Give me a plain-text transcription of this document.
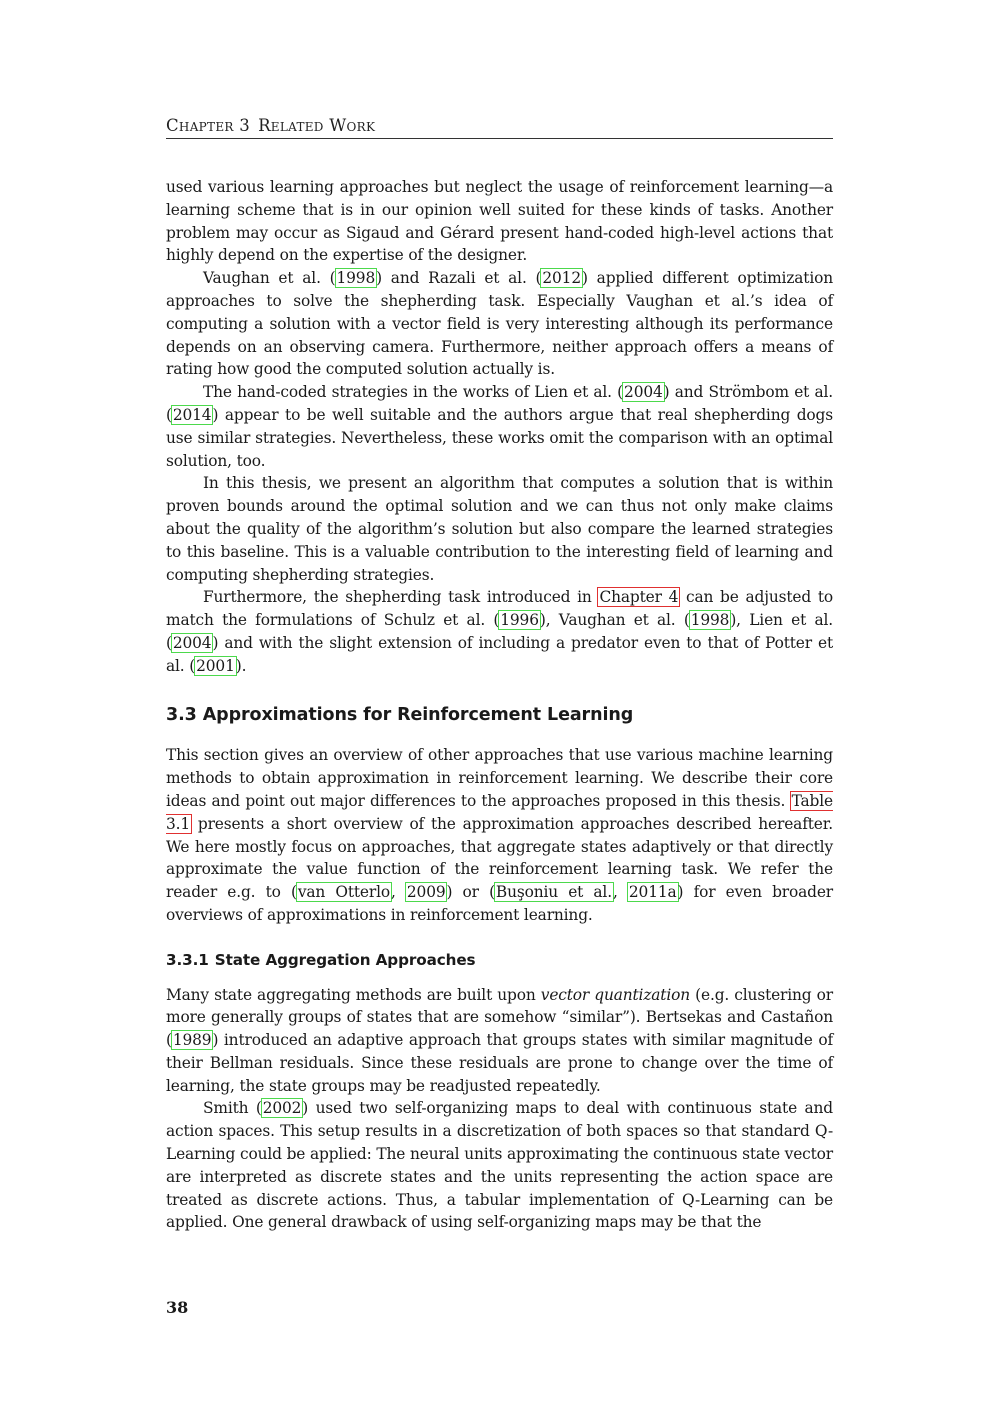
Chapter 3 Related Work

used various learning approaches but neglect the usage of reinforcement learning—a learning scheme that is in our opinion well suited for these kinds of tasks. Another problem may occur as Sigaud and Gérard present hand-coded high-level actions that highly depend on the expertise of the designer.

Vaughan et al. (1998) and Razali et al. (2012) applied different optimization approaches to solve the shepherding task. Especially Vaughan et al.’s idea of computing a solution with a vector field is very interesting although its performance depends on an observing camera. Furthermore, neither approach offers a means of rating how good the computed solution actually is.

The hand-coded strategies in the works of Lien et al. (2004) and Strömbom et al. (2014) appear to be well suitable and the authors argue that real shepherding dogs use similar strategies. Nevertheless, these works omit the comparison with an optimal solution, too.

In this thesis, we present an algorithm that computes a solution that is within proven bounds around the optimal solution and we can thus not only make claims about the quality of the algorithm’s solution but also compare the learned strategies to this baseline. This is a valuable contribution to the interesting field of learning and computing shepherding strategies.

Furthermore, the shepherding task introduced in Chapter 4 can be adjusted to match the formulations of Schulz et al. (1996), Vaughan et al. (1998), Lien et al. (2004) and with the slight extension of including a predator even to that of Potter et al. (2001).

3.3 Approximations for Reinforcement Learning

This section gives an overview of other approaches that use various machine learning methods to obtain approximation in reinforcement learning. We describe their core ideas and point out major differences to the approaches proposed in this thesis. Table 3.1 presents a short overview of the approximation approaches described hereafter. We here mostly focus on approaches, that aggregate states adaptively or that directly approximate the value function of the reinforcement learning task. We refer the reader e.g. to (van Otterlo, 2009) or (Buşoniu et al., 2011a) for even broader overviews of approximations in reinforcement learning.

3.3.1 State Aggregation Approaches

Many state aggregating methods are built upon vector quantization (e.g. clustering or more generally groups of states that are somehow “similar”). Bertsekas and Castañon (1989) introduced an adaptive approach that groups states with similar magnitude of their Bellman residuals. Since these residuals are prone to change over the time of learning, the state groups may be readjusted repeatedly.

Smith (2002) used two self-organizing maps to deal with continuous state and action spaces. This setup results in a discretization of both spaces so that standard Q-Learning could be applied: The neural units approximating the continuous state vector are interpreted as discrete states and the units representing the action space are treated as discrete actions. Thus, a tabular implementation of Q-Learning can be applied. One general drawback of using self-organizing maps may be that the

38
